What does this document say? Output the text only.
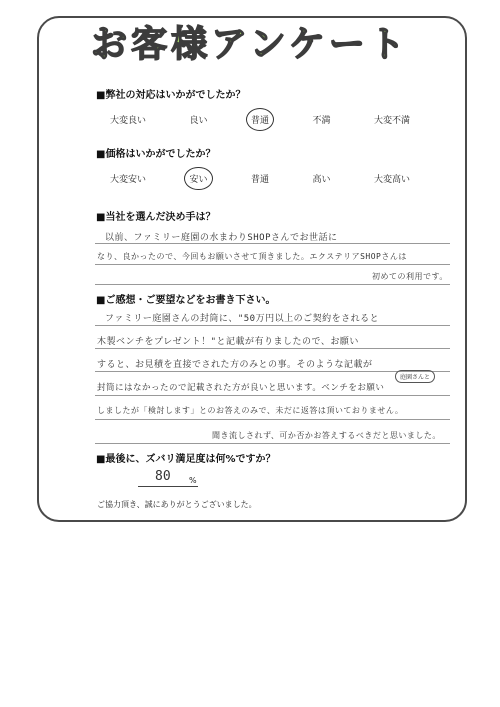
お客様アンケート
■弊社の対応はいかがでしたか？
大変良い	良い	普通	不満	大変不満
■価格はいかがでしたか？
大変安い	安い	普通	高い	大変高い
■当社を選んだ決め手は？
以前、ファミリー庭園の水まわりSHOPさんでお世話に
なり、良かったので、今回もお願いさせて頂きました。エクステリアSHOPさんは
初めての利用です。
■ご感想・ご要望などをお書き下さい。
ファミリー庭園さんの封筒に、"50万円以上のご契約をされると
木製ベンチをプレゼント！"と記載が有りましたので、お願い
すると、お見積を直接でされた方のみとの事。そのような記載が
庭園さんと
封筒にはなかったので記載された方が良いと思います。ベンチをお願い
しましたが「検討します」とのお答えのみで、未だに返答は頂いておりません。
聞き流しされず、可か否かお答えするべきだと思いました。
■最後に、ズバリ満足度は何%ですか？
80 %
ご協力頂き、誠にありがとうございました。
